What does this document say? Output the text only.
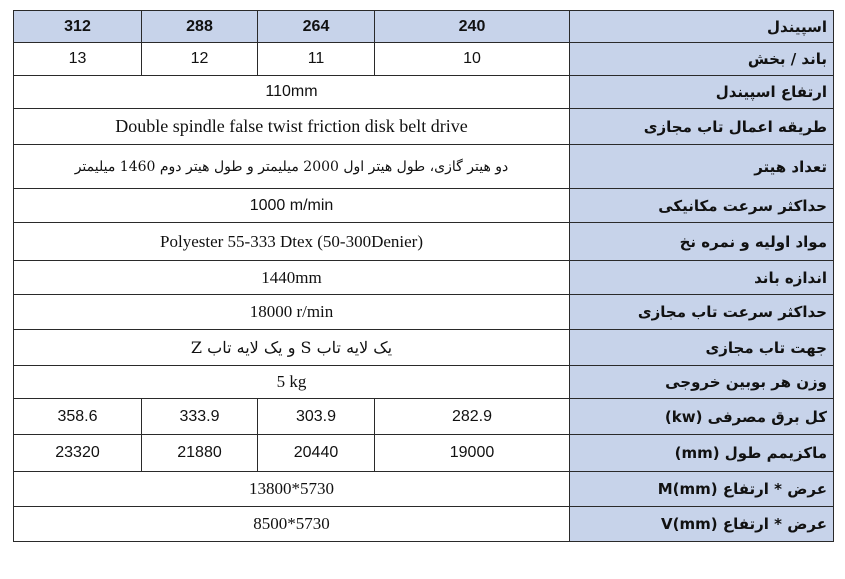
312	288	264	240	اسپیندل
13	12	11	10	باند / بخش
110mm				ارتفاع اسپیندل
Double spindle false twist friction disk belt drive				طریقه اعمال تاب مجازی
دو هیتر گازی، طول هیتر اول 2000 میلیمتر و طول هیتر دوم 1460 میلیمتر				تعداد هیتر
1000 m/min				حداکثر سرعت مکانیکی
Polyester 55-333 Dtex (50-300Denier)				مواد اولیه و نمره نخ
1440mm				اندازه باند
18000 r/min				حداکثر سرعت تاب مجازی
یک لایه تاب S و یک لایه تاب Z				جهت تاب مجازی
5 kg				وزن هر بوبین خروجی
358.6	333.9	303.9	282.9	کل برق مصرفی (kw)
23320	21880	20440	19000	ماکزیمم طول (mm)
13800*5730				عرض * ارتفاع (mm)M
8500*5730				عرض * ارتفاع (mm)V
